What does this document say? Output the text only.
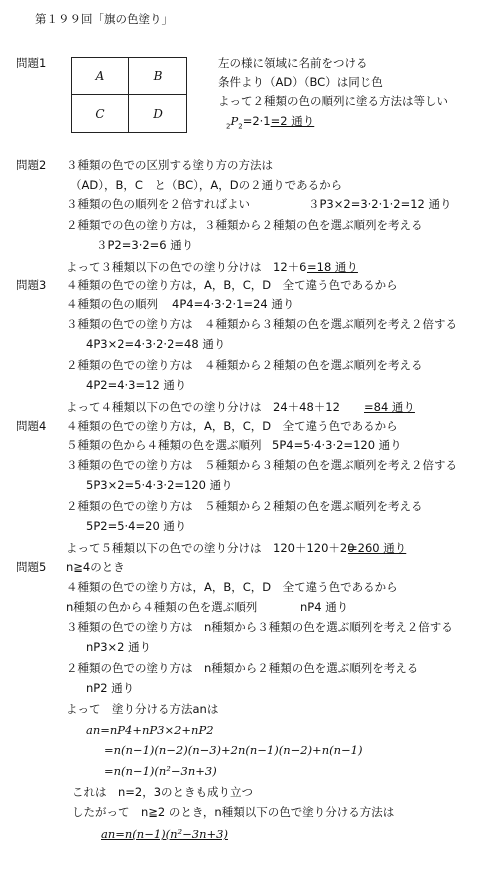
第１９９回「旗の色塗り」
問題1
A	B
C	D
左の様に領域に名前をつける
条件より（AD）（BC）は同じ色
よって２種類の色の順列に塗る方法は等しい
$_2P_2=2\cdot 1=2$ 通り
問題2 ３種類の色での区別する塗り方の方法は
（AD），B，C　と（BC），A，Dの２通りであるから
３種類の色の順列を２倍すればよい	３P3×2=3·2·1·2=12 通り
２種類での色の塗り方は，３種類から２種類の色を選ぶ順列を考える
３P2=3·2=6 通り
よって３種類以下の色での塗り分けは　12＋6 =18 通り
問題3 ４種類の色での塗り方は，A，B，C，D　全て違う色であるから
４種類の色の順列 4P4=4·3·2·1=24 通り
３種類の色での塗り方は　４種類から３種類の色を選ぶ順列を考え２倍する
4P3×2=4·3·2·2=48 通り
２種類の色での塗り方は　４種類から２種類の色を選ぶ順列を考える
4P2=4·3=12 通り
よって４種類以下の色での塗り分けは　24＋48＋12 =84 通り
問題4 ４種類の色での塗り方は，A，B，C，D　全て違う色であるから
５種類の色から４種類の色を選ぶ順列 5P4=5·4·3·2=120 通り
３種類の色での塗り方は　５種類から３種類の色を選ぶ順列を考え２倍する
5P3×2=5·4·3·2=120 通り
２種類の色での塗り方は　５種類から２種類の色を選ぶ順列を考える
5P2=5·4=20 通り
よって５種類以下の色での塗り分けは　120＋120＋20
=260 通り
問題5 n≧4のとき
４種類の色での塗り方は，A，B，C，D　全て違う色であるから
n種類の色から４種類の色を選ぶ順列	nP4 通り
３種類の色での塗り方は　n種類から３種類の色を選ぶ順列を考え２倍する
nP3×2 通り
２種類の色での塗り方は　n種類から２種類の色を選ぶ順列を考える
nP2 通り
よって　塗り分ける方法anは
an=nP4+nP3×2+nP2
=n(n−1)(n−2)(n−3)+2n(n−1)(n−2)+n(n−1)
=n(n−1)(n²−3n+3)
これは　n=2，3のときも成り立つ
したがって　n≧2 のとき，n種類以下の色で塗り分ける方法は
an=n(n−1)(n²−3n+3)
